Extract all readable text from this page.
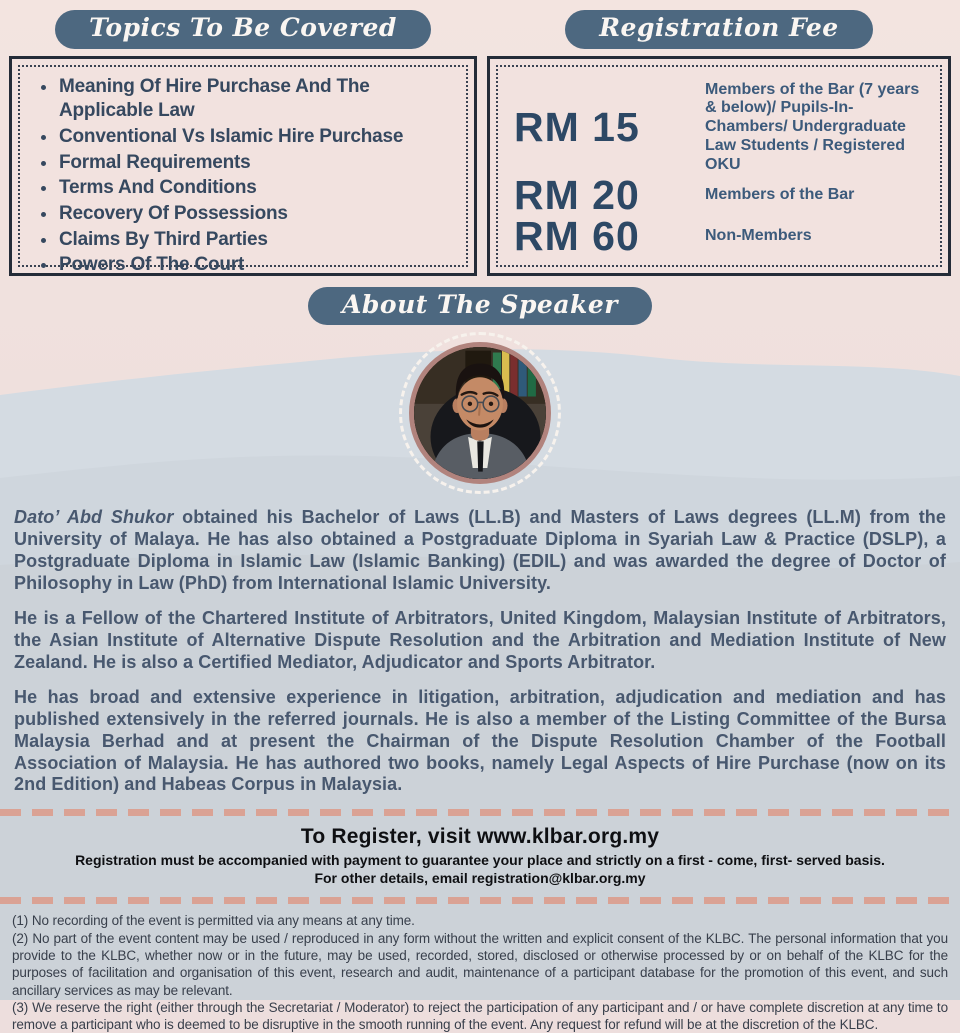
Topics To Be Covered
Meaning Of Hire Purchase And The Applicable Law
Conventional Vs Islamic Hire Purchase
Formal Requirements
Terms And Conditions
Recovery Of Possessions
Claims By Third Parties
Powers Of The Court
Registration Fee
RM 15
Members of the Bar (7 years & below)/ Pupils-In-Chambers/ Undergraduate Law Students / Registered OKU
RM 20	Members of the Bar
RM 60	Non-Members
About The Speaker

Dato’ Abd Shukor obtained his Bachelor of Laws (LL.B) and Masters of Laws degrees (LL.M) from the University of Malaya. He has also obtained a Postgraduate Diploma in Syariah Law & Practice (DSLP), a Postgraduate Diploma in Islamic Law (Islamic Banking) (EDIL) and was awarded the degree of Doctor of Philosophy in Law (PhD) from International Islamic University.

He is a Fellow of the Chartered Institute of Arbitrators, United Kingdom, Malaysian Institute of Arbitrators, the Asian Institute of Alternative Dispute Resolution and the Arbitration and Mediation Institute of New Zealand. He is also a Certified Mediator, Adjudicator and Sports Arbitrator.

He has broad and extensive experience in litigation, arbitration, adjudication and mediation and has published extensively in the referred journals. He is also a member of the Listing Committee of the Bursa Malaysia Berhad and at present the Chairman of the Dispute Resolution Chamber of the Football Association of Malaysia. He has authored two books, namely Legal Aspects of Hire Purchase (now on its 2nd Edition) and Habeas Corpus in Malaysia.

To Register, visit www.klbar.org.my

Registration must be accompanied with payment to guarantee your place and strictly on a first - come, first- served basis.

For other details, email registration@klbar.org.my

(1) No recording of the event is permitted via any means at any time.

(2) No part of the event content may be used / reproduced in any form without the written and explicit consent of the KLBC. The personal information that you provide to the KLBC, whether now or in the future, may be used, recorded, stored, disclosed or otherwise processed by or on behalf of the KLBC for the purposes of facilitation and organisation of this event, research and audit, maintenance of a participant database for the promotion of this event, and such ancillary services as may be relevant.

(3) We reserve the right (either through the Secretariat / Moderator) to reject the participation of any participant and / or have complete discretion at any time to remove a participant who is deemed to be disruptive in the smooth running of the event. Any request for refund will be at the discretion of the KLBC.
